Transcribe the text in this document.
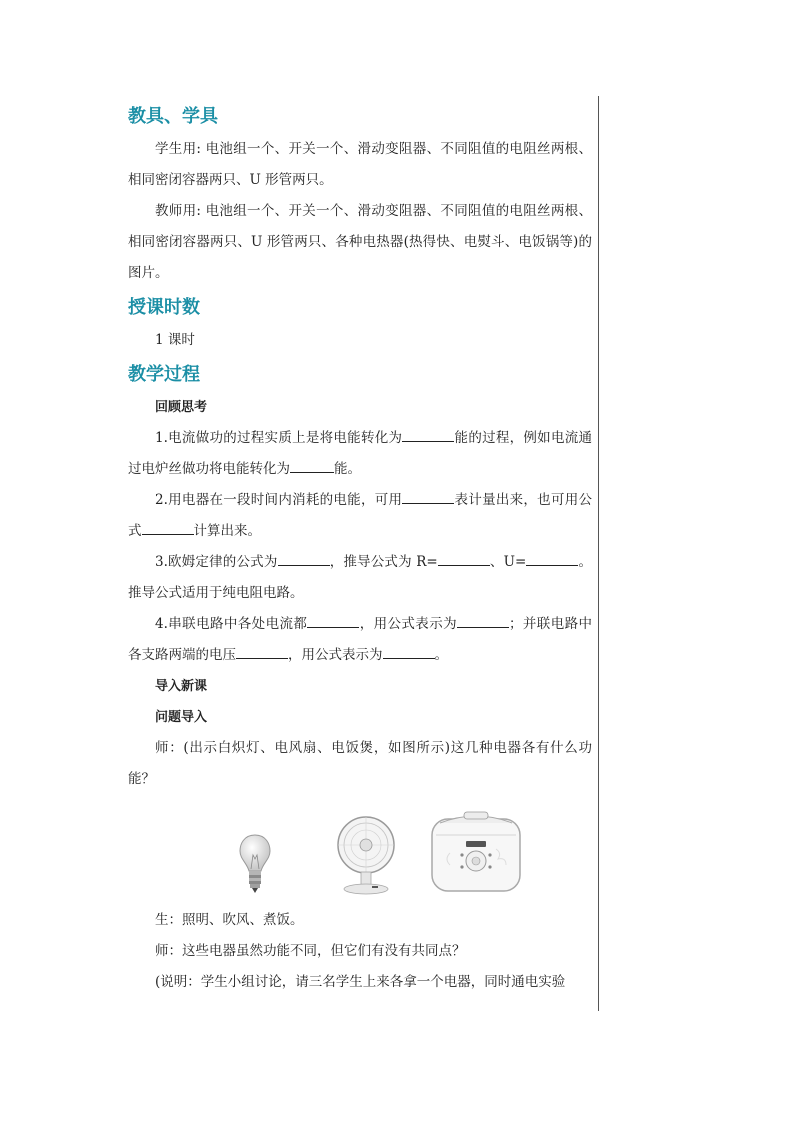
教具、学具

学生用: 电池组一个、开关一个、滑动变阻器、不同阻值的电阻丝两根、相同密闭容器两只、U 形管两只。

教师用: 电池组一个、开关一个、滑动变阻器、不同阻值的电阻丝两根、相同密闭容器两只、U 形管两只、各种电热器(热得快、电熨斗、电饭锅等)的图片。

授课时数

1 课时

教学过程
回顾思考

1.电流做功的过程实质上是将电能转化为	能的过程，例如电流通过电炉丝做功将电能转化为	能。

2.用电器在一段时间内消耗的电能，可用	表计量出来，也可用公式	计算出来。

3.欧姆定律的公式为	，推导公式为 R=	、U=	。推导公式适用于纯电阻电路。

4.串联电路中各处电流都	，用公式表示为	；并联电路中各支路两端的电压	，用公式表示为	。

导入新课
问题导入

师：(出示白炽灯、电风扇、电饭煲，如图所示)这几种电器各有什么功能？

生：照明、吹风、煮饭。

师：这些电器虽然功能不同，但它们有没有共同点？

(说明：学生小组讨论，请三名学生上来各拿一个电器，同时通电实验
